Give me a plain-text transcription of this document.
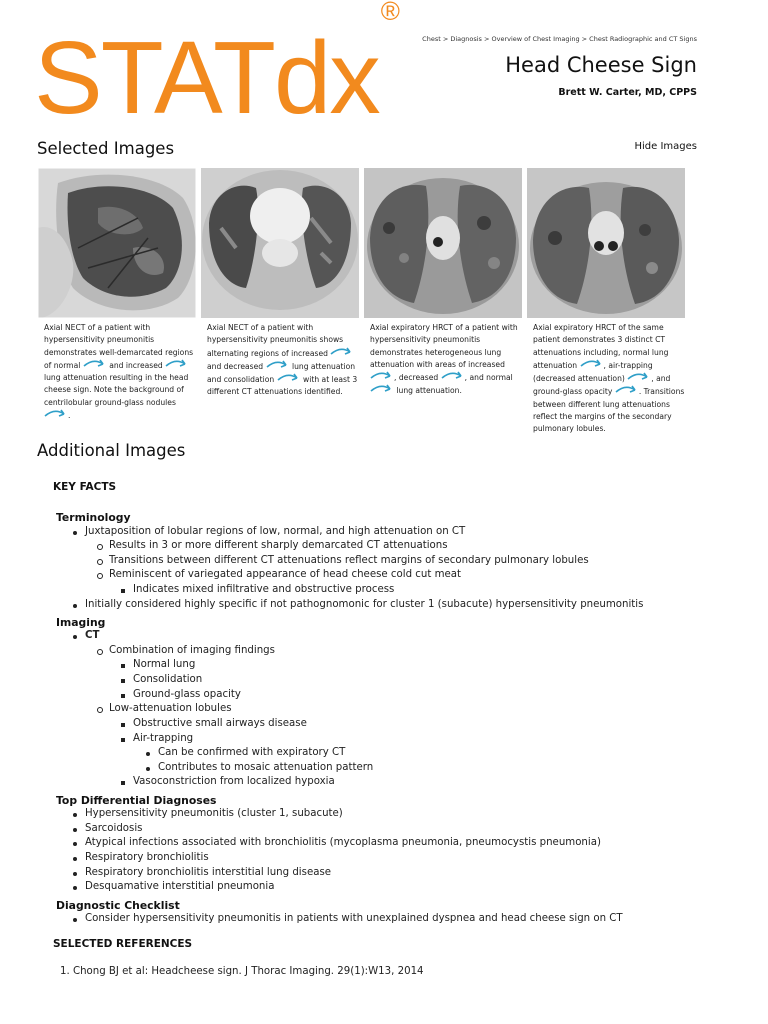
STATdx®
Chest > Diagnosis > Overview of Chest Imaging > Chest Radiographic and CT Signs
Head Cheese Sign
Brett W. Carter, MD, CPPS
Selected Images	Hide Images
Axial NECT of a patient with hypersensitivity pneumonitis demonstrates well-demarcated regions of normal	and increased  lung attenuation resulting in the head cheese sign. Note the background of centrilobular ground-glass nodules .
Axial NECT of a patient with hypersensitivity pneumonitis shows alternating regions of increased  and decreased	lung attenuation and consolidation	with at least 3 different CT attenuations identified.
Axial expiratory HRCT of a patient with hypersensitivity pneumonitis demonstrates heterogeneous lung attenuation with areas of increased , decreased	, and normal  lung attenuation.
Axial expiratory HRCT of the same patient demonstrates 3 distinct CT attenuations including, normal lung attenuation	, air-trapping (decreased attenuation)	, and ground-glass opacity	. Transitions between different lung attenuations reflect the margins of the secondary pulmonary lobules.
Additional Images
KEY FACTS
Terminology
Juxtaposition of lobular regions of low, normal, and high attenuation on CT
Results in 3 or more different sharply demarcated CT attenuations
Transitions between different CT attenuations reflect margins of secondary pulmonary lobules
Reminiscent of variegated appearance of head cheese cold cut meat
Indicates mixed infiltrative and obstructive process
Initially considered highly specific if not pathognomonic for cluster 1 (subacute) hypersensitivity pneumonitis
Imaging
CT
Combination of imaging findings
Normal lung
Consolidation
Ground-glass opacity
Low-attenuation lobules
Obstructive small airways disease
Air-trapping
Can be confirmed with expiratory CT
Contributes to mosaic attenuation pattern
Vasoconstriction from localized hypoxia
Top Differential Diagnoses
Hypersensitivity pneumonitis (cluster 1, subacute)
Sarcoidosis
Atypical infections associated with bronchiolitis (mycoplasma pneumonia, pneumocystis pneumonia)
Respiratory bronchiolitis
Respiratory bronchiolitis interstitial lung disease
Desquamative interstitial pneumonia
Diagnostic Checklist
Consider hypersensitivity pneumonitis in patients with unexplained dyspnea and head cheese sign on CT
SELECTED REFERENCES
1. Chong BJ et al: Headcheese sign. J Thorac Imaging. 29(1):W13, 2014
